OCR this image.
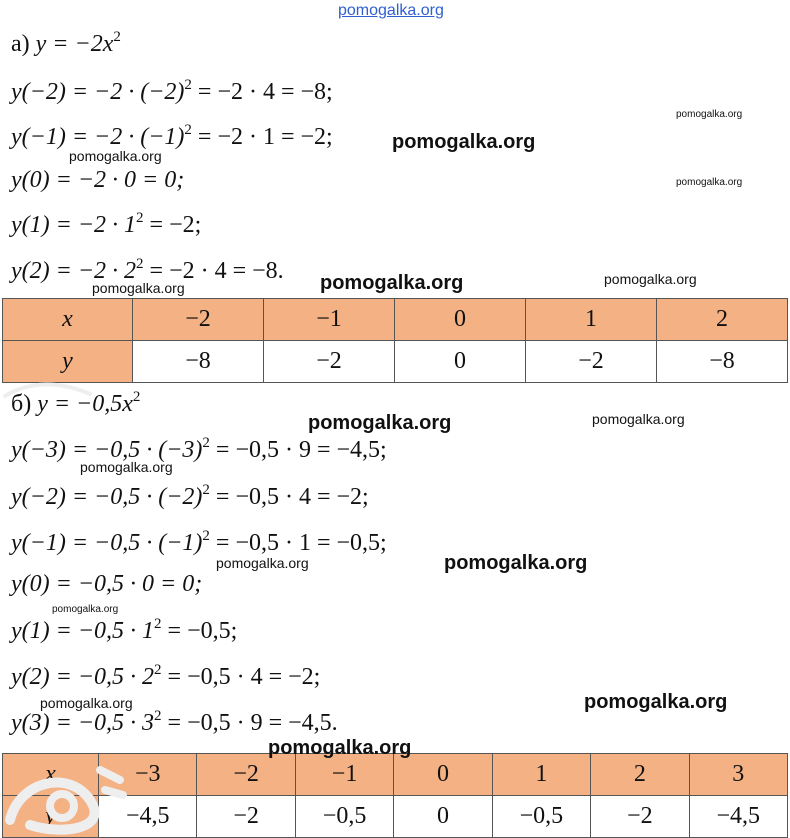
pomogalka.org
а) $y = -2x^2$
$y(-2) = -2 \cdot (-2)^2 = -2 \cdot 4 = -8$;
$y(-1) = -2 \cdot (-1)^2 = -2 \cdot 1 = -2$;
y(0) = −2 · 0 = 0;
$y(1) = -2 \cdot 1^2 = -2$;
$y(2) = -2 \cdot 2^2 = -2 \cdot 4 = -8$.
x	−2	−1	0	1	2
y	−8	−2	0	−2	−8
б) $y = -0,5x^2$
$y(-3) = -0,5 \cdot (-3)^2 = -0,5 \cdot 9 = -4,5$;
$y(-2) = -0,5 \cdot (-2)^2 = -0,5 \cdot 4 = -2$;
$y(-1) = -0,5 \cdot (-1)^2 = -0,5 \cdot 1 = -0,5$;
y(0) = −0,5 · 0 = 0;
$y(1) = -0,5 \cdot 1^2 = -0,5$;
$y(2) = -0,5 \cdot 2^2 = -0,5 \cdot 4 = -2$;
$y(3) = -0,5 \cdot 3^2 = -0,5 \cdot 9 = -4,5$.
x	−3	−2	−1	0	1	2	3
y	−4,5	−2	−0,5	0	−0,5	−2	−4,5
pomogalka.org
pomogalka.org
pomogalka.org
pomogalka.org
pomogalka.org	pomogalka.org	pomogalka.org
pomogalka.org	pomogalka.org
pomogalka.org
pomogalka.org	pomogalka.org
pomogalka.org
pomogalka.org	pomogalka.org
pomogalka.org
